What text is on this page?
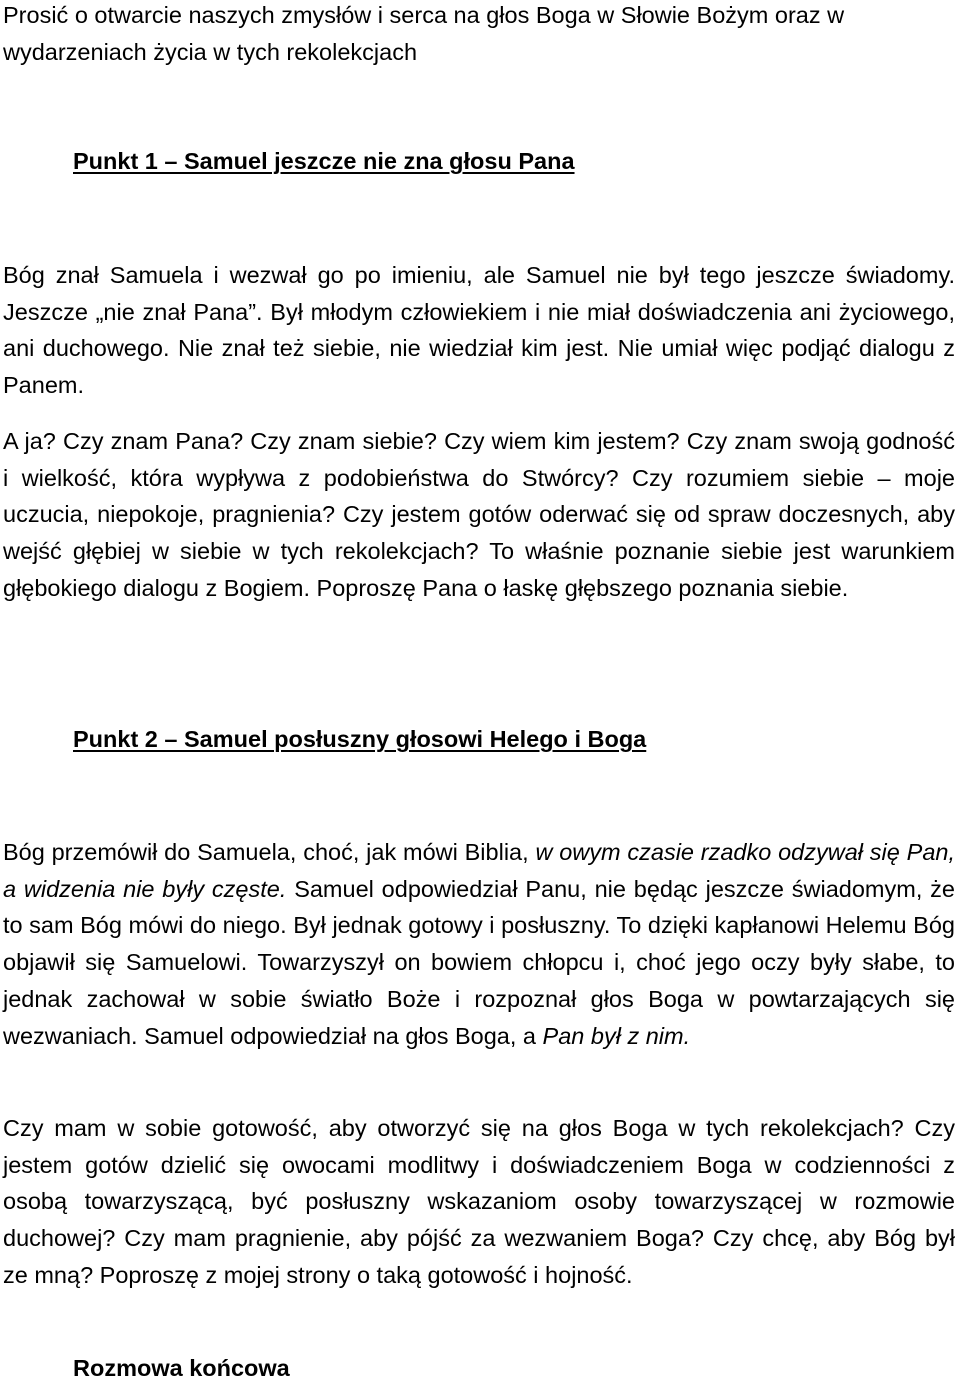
Prosić o otwarcie naszych zmysłów i serca na głos Boga w Słowie Bożym oraz w wydarzeniach życia w tych rekolekcjach

Punkt 1 – Samuel jeszcze nie zna głosu Pana

Bóg znał Samuela i wezwał go po imieniu, ale Samuel nie był tego jeszcze świadomy. Jeszcze „nie znał Pana”. Był młodym człowiekiem i nie miał doświadczenia ani życiowego, ani duchowego. Nie znał też siebie, nie wiedział kim jest. Nie umiał więc podjąć dialogu z Panem.

A ja? Czy znam Pana? Czy znam siebie? Czy wiem kim jestem? Czy znam swoją godność i wielkość, która wypływa z podobieństwa do Stwórcy? Czy rozumiem siebie – moje uczucia, niepokoje, pragnienia? Czy jestem gotów oderwać się od spraw doczesnych, aby wejść głębiej w siebie w tych rekolekcjach? To właśnie poznanie siebie jest warunkiem głębokiego dialogu z Bogiem. Poproszę Pana o łaskę głębszego poznania siebie.

Punkt 2 – Samuel posłuszny głosowi Helego i Boga

Bóg przemówił do Samuela, choć, jak mówi Biblia, w owym czasie rzadko odzywał się Pan, a widzenia nie były częste. Samuel odpowiedział Panu, nie będąc jeszcze świadomym, że to sam Bóg mówi do niego. Był jednak gotowy i posłuszny. To dzięki kapłanowi Helemu Bóg objawił się Samuelowi. Towarzyszył on bowiem chłopcu i, choć jego oczy były słabe, to jednak zachował w sobie światło Boże i rozpoznał głos Boga w powtarzających się wezwaniach. Samuel odpowiedział na głos Boga, a Pan był z nim.

Czy mam w sobie gotowość, aby otworzyć się na głos Boga w tych rekolekcjach? Czy jestem gotów dzielić się owocami modlitwy i doświadczeniem Boga w codzienności z osobą towarzyszącą, być posłuszny wskazaniom osoby towarzyszącej w rozmowie duchowej? Czy mam pragnienie, aby pójść za wezwaniem Boga? Czy chcę, aby Bóg był ze mną? Poproszę z mojej strony o taką gotowość i hojność.

Rozmowa końcowa
